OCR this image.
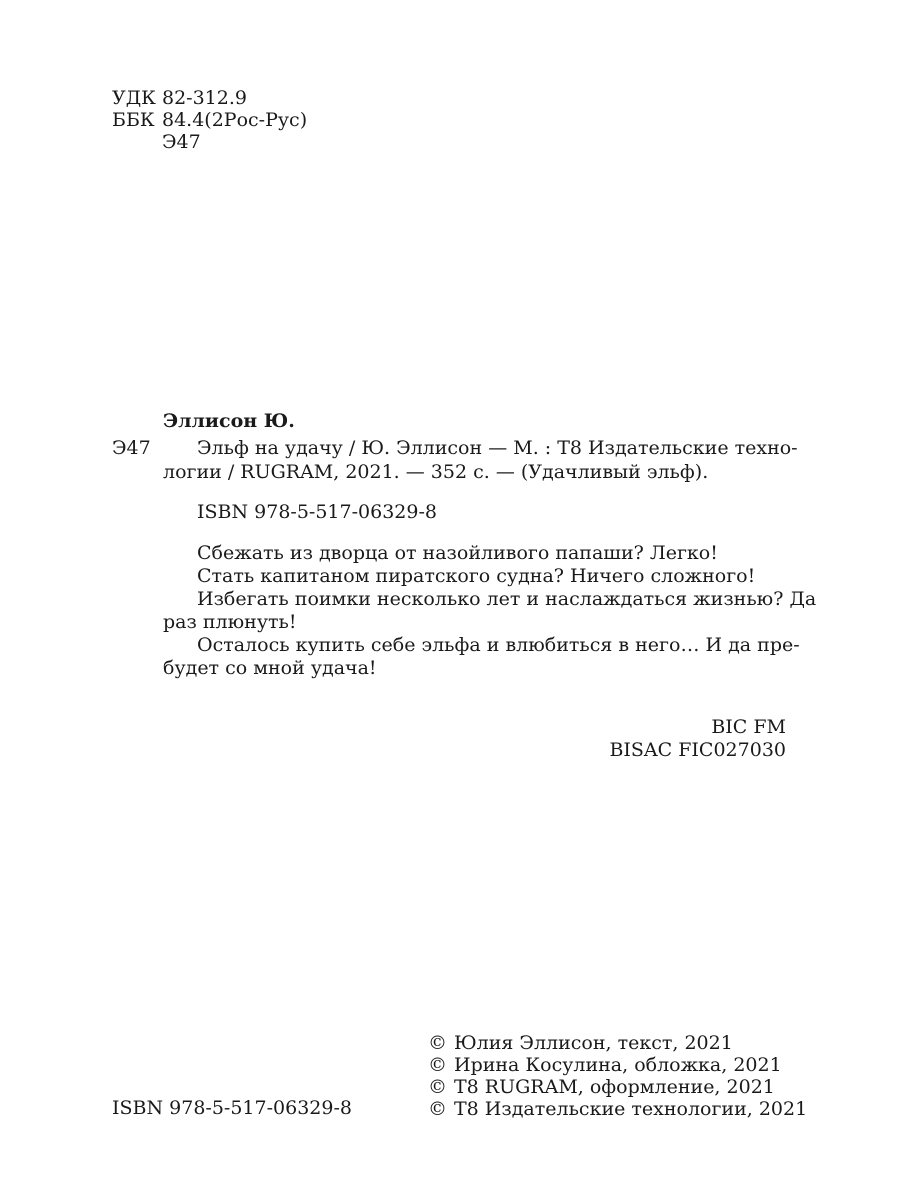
УДК 82-312.9
ББК 84.4(2Рос-Рус)
Э47
Эллисон Ю.
Э47 Эльф на удачу / Ю. Эллисон — М. : Т8 Издательские техно-
логии / RUGRAM, 2021. — 352 с. — (Удачливый эльф).
ISBN 978-5-517-06329-8

Сбежать из дворца от назойливого папаши? Легко!

Стать капитаном пиратского судна? Ничего сложного!

Избегать поимки несколько лет и наслаждаться жизнью? Да

раз плюнуть!

Осталось купить себе эльфа и влюбиться в него… И да пре-

будет со мной удача!

BIC FM
BISAC FIC027030
ISBN 978-5-517-06329-8
© Юлия Эллисон, текст, 2021
© Ирина Косулина, обложка, 2021
© Т8 RUGRAM, оформление, 2021
© Т8 Издательские технологии, 2021
